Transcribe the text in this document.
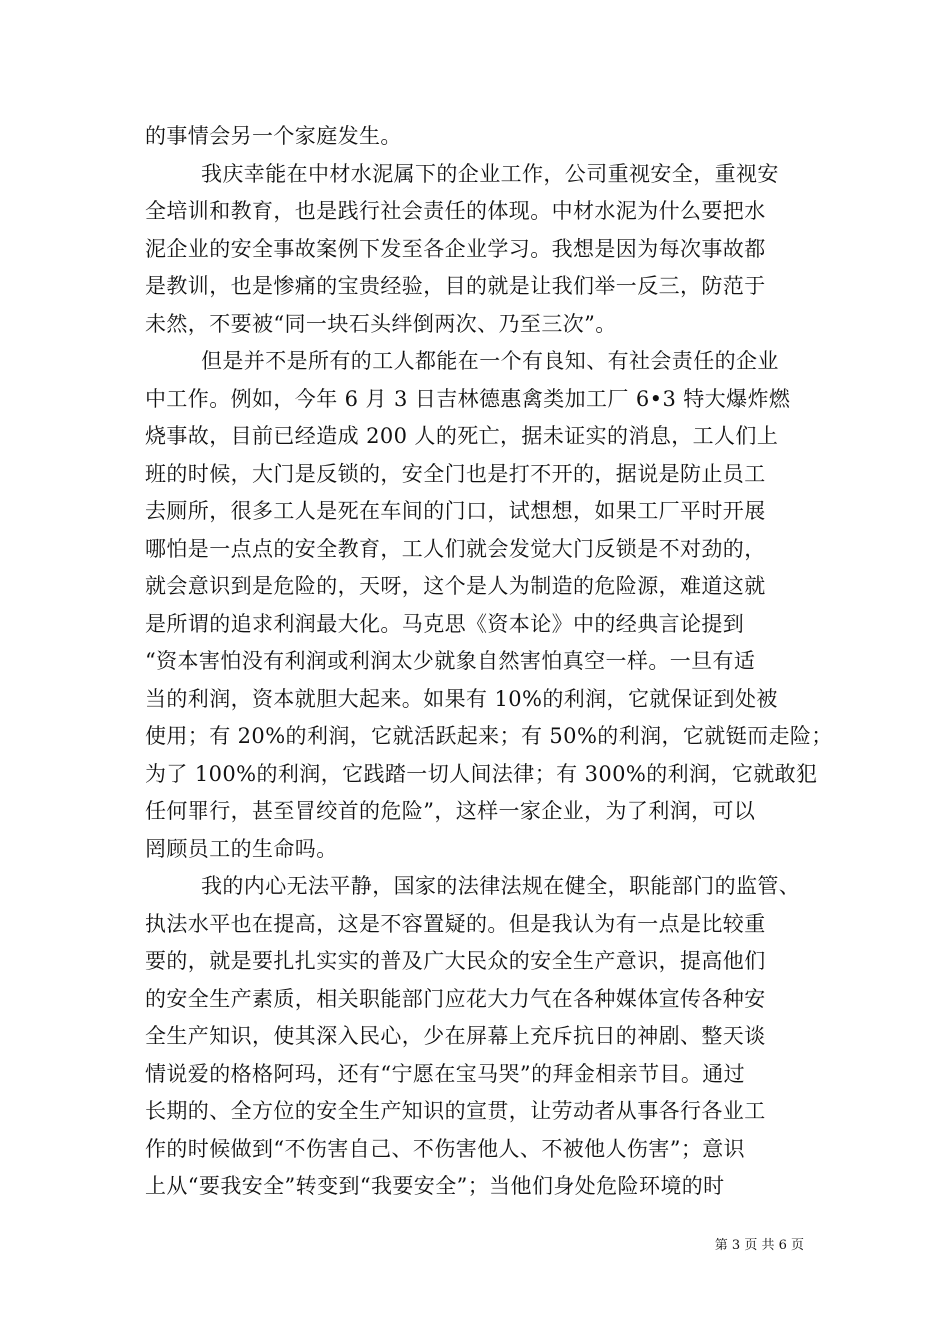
的事情会另一个家庭发生。
我庆幸能在中材水泥属下的企业工作，公司重视安全，重视安
全培训和教育，也是践行社会责任的体现。中材水泥为什么要把水
泥企业的安全事故案例下发至各企业学习。我想是因为每次事故都
是教训，也是惨痛的宝贵经验，目的就是让我们举一反三，防范于
未然，不要被“同一块石头绊倒两次、乃至三次”。
但是并不是所有的工人都能在一个有良知、有社会责任的企业
中工作。例如，今年 6 月 3 日吉林德惠禽类加工厂 6•3 特大爆炸燃
烧事故，目前已经造成 200 人的死亡，据未证实的消息，工人们上
班的时候，大门是反锁的，安全门也是打不开的，据说是防止员工
去厕所，很多工人是死在车间的门口，试想想，如果工厂平时开展
哪怕是一点点的安全教育，工人们就会发觉大门反锁是不对劲的，
就会意识到是危险的，天呀，这个是人为制造的危险源，难道这就
是所谓的追求利润最大化。马克思《资本论》中的经典言论提到
“资本害怕没有利润或利润太少就象自然害怕真空一样。一旦有适
当的利润，资本就胆大起来。如果有 10%的利润，它就保证到处被
使用；有 20%的利润，它就活跃起来；有 50%的利润，它就铤而走险；
为了 100%的利润，它践踏一切人间法律；有 300%的利润，它就敢犯
任何罪行，甚至冒绞首的危险”，这样一家企业，为了利润，可以
罔顾员工的生命吗。
我的内心无法平静，国家的法律法规在健全，职能部门的监管、
执法水平也在提高，这是不容置疑的。但是我认为有一点是比较重
要的，就是要扎扎实实的普及广大民众的安全生产意识，提高他们
的安全生产素质，相关职能部门应花大力气在各种媒体宣传各种安
全生产知识，使其深入民心，少在屏幕上充斥抗日的神剧、整天谈
情说爱的格格阿玛，还有“宁愿在宝马哭”的拜金相亲节目。通过
长期的、全方位的安全生产知识的宣贯，让劳动者从事各行各业工
作的时候做到“不伤害自己、不伤害他人、不被他人伤害”；意识
上从“要我安全”转变到“我要安全”；当他们身处危险环境的时
第 3 页 共 6 页
